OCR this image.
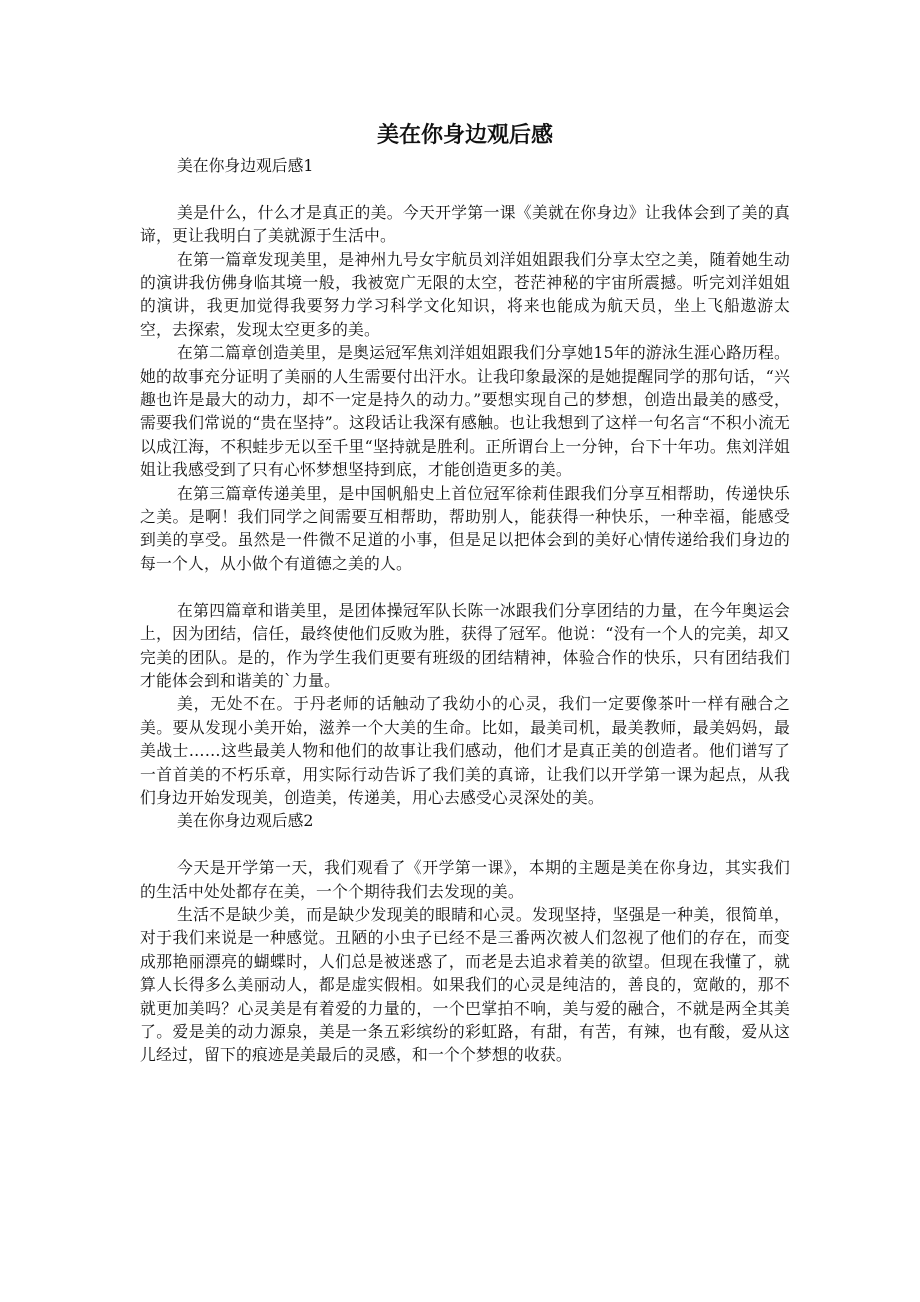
美在你身边观后感

美在你身边观后感1

美是什么，什么才是真正的美。今天开学第一课《美就在你身边》让我体会到了美的真谛，更让我明白了美就源于生活中。

在第一篇章发现美里，是神州九号女宇航员刘洋姐姐跟我们分享太空之美，随着她生动的演讲我仿佛身临其境一般，我被宽广无限的太空，苍茫神秘的宇宙所震撼。听完刘洋姐姐的演讲，我更加觉得我要努力学习科学文化知识，将来也能成为航天员，坐上飞船遨游太空，去探索，发现太空更多的美。

在第二篇章创造美里，是奥运冠军焦刘洋姐姐跟我们分享她15年的游泳生涯心路历程。她的故事充分证明了美丽的人生需要付出汗水。让我印象最深的是她提醒同学的那句话，“兴趣也许是最大的动力，却不一定是持久的动力。”要想实现自己的梦想，创造出最美的感受，需要我们常说的“贵在坚持”。这段话让我深有感触。也让我想到了这样一句名言“不积小流无以成江海，不积蛙步无以至千里“坚持就是胜利。正所谓台上一分钟，台下十年功。焦刘洋姐姐让我感受到了只有心怀梦想坚持到底，才能创造更多的美。

在第三篇章传递美里，是中国帆船史上首位冠军徐莉佳跟我们分享互相帮助，传递快乐之美。是啊！我们同学之间需要互相帮助，帮助别人，能获得一种快乐，一种幸福，能感受到美的享受。虽然是一件微不足道的小事，但是足以把体会到的美好心情传递给我们身边的每一个人，从小做个有道德之美的人。

在第四篇章和谐美里，是团体操冠军队长陈一冰跟我们分享团结的力量，在今年奥运会上，因为团结，信任，最终使他们反败为胜，获得了冠军。他说：“没有一个人的完美，却又完美的团队。是的，作为学生我们更要有班级的团结精神，体验合作的快乐，只有团结我们才能体会到和谐美的`力量。

美，无处不在。于丹老师的话触动了我幼小的心灵，我们一定要像茶叶一样有融合之美。要从发现小美开始，滋养一个大美的生命。比如，最美司机，最美教师，最美妈妈，最美战士……这些最美人物和他们的故事让我们感动，他们才是真正美的创造者。他们谱写了一首首美的不朽乐章，用实际行动告诉了我们美的真谛，让我们以开学第一课为起点，从我们身边开始发现美，创造美，传递美，用心去感受心灵深处的美。

美在你身边观后感2

今天是开学第一天，我们观看了《开学第一课》，本期的主题是美在你身边，其实我们的生活中处处都存在美，一个个期待我们去发现的美。

生活不是缺少美，而是缺少发现美的眼睛和心灵。发现坚持，坚强是一种美，很简单，对于我们来说是一种感觉。丑陋的小虫子已经不是三番两次被人们忽视了他们的存在，而变成那艳丽漂亮的蝴蝶时，人们总是被迷惑了，而老是去追求着美的欲望。但现在我懂了，就算人长得多么美丽动人，都是虚实假相。如果我们的心灵是纯洁的，善良的，宽敞的，那不就更加美吗？心灵美是有着爱的力量的，一个巴掌拍不响，美与爱的融合，不就是两全其美了。爱是美的动力源泉，美是一条五彩缤纷的彩虹路，有甜，有苦，有辣，也有酸，爱从这儿经过，留下的痕迹是美最后的灵感，和一个个梦想的收获。
